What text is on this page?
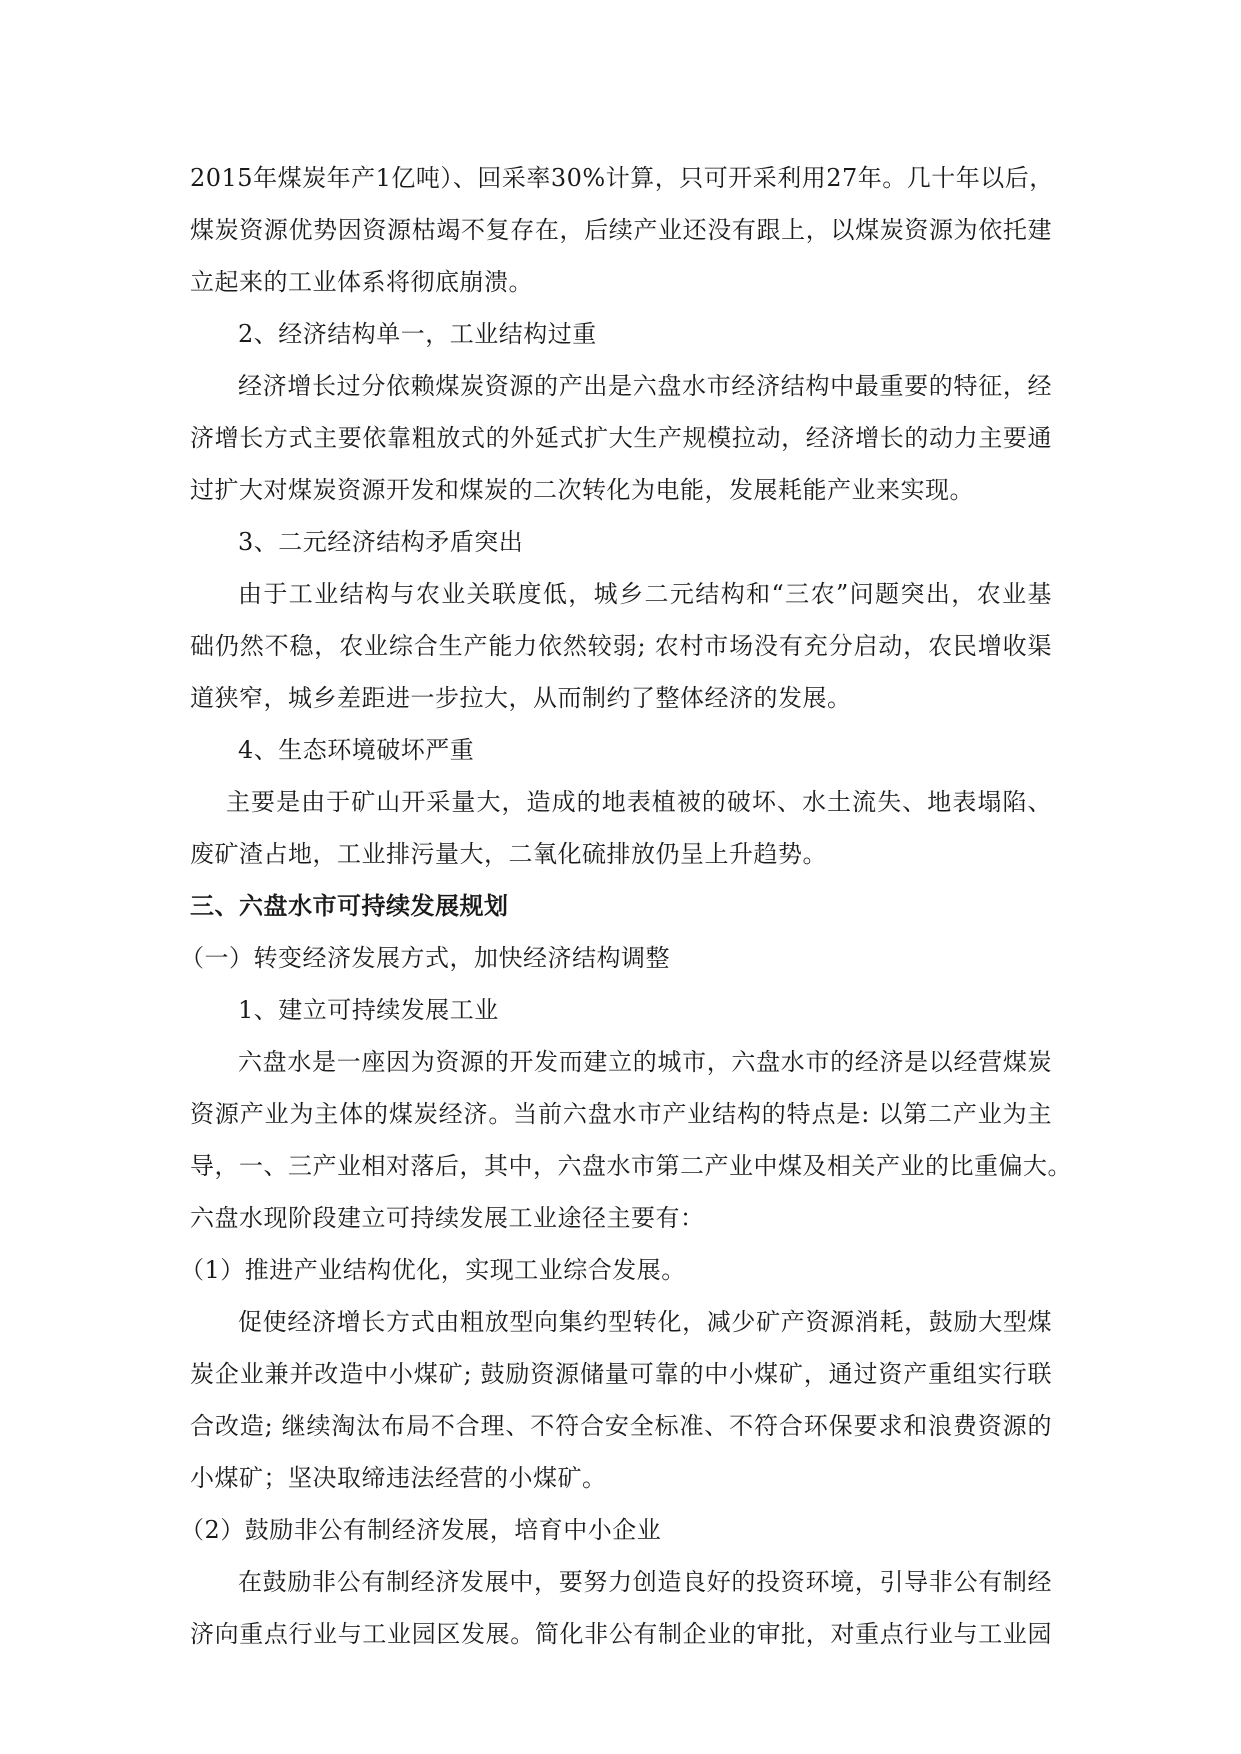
2015年煤炭年产1亿吨）、回采率30%计算，只可开采利用27年。几十年以后，
煤炭资源优势因资源枯竭不复存在，后续产业还没有跟上，以煤炭资源为依托建
立起来的工业体系将彻底崩溃。
2、经济结构单一，工业结构过重
经济增长过分依赖煤炭资源的产出是六盘水市经济结构中最重要的特征，经
济增长方式主要依靠粗放式的外延式扩大生产规模拉动，经济增长的动力主要通
过扩大对煤炭资源开发和煤炭的二次转化为电能，发展耗能产业来实现。
3、二元经济结构矛盾突出
由于工业结构与农业关联度低，城乡二元结构和“三农”问题突出，农业基
础仍然不稳，农业综合生产能力依然较弱; 农村市场没有充分启动，农民增收渠
道狭窄，城乡差距进一步拉大，从而制约了整体经济的发展。
4、生态环境破坏严重
主要是由于矿山开采量大，造成的地表植被的破坏、水土流失、地表塌陷、
废矿渣占地，工业排污量大，二氧化硫排放仍呈上升趋势。
三、六盘水市可持续发展规划
（一）转变经济发展方式，加快经济结构调整
1、建立可持续发展工业
六盘水是一座因为资源的开发而建立的城市，六盘水市的经济是以经营煤炭
资源产业为主体的煤炭经济。当前六盘水市产业结构的特点是: 以第二产业为主
导，一、三产业相对落后，其中，六盘水市第二产业中煤及相关产业的比重偏大。
六盘水现阶段建立可持续发展工业途径主要有：
（1）推进产业结构优化，实现工业综合发展。
促使经济增长方式由粗放型向集约型转化，减少矿产资源消耗，鼓励大型煤
炭企业兼并改造中小煤矿; 鼓励资源储量可靠的中小煤矿，通过资产重组实行联
合改造; 继续淘汰布局不合理、不符合安全标准、不符合环保要求和浪费资源的
小煤矿；坚决取缔违法经营的小煤矿。
（2）鼓励非公有制经济发展，培育中小企业
在鼓励非公有制经济发展中，要努力创造良好的投资环境，引导非公有制经
济向重点行业与工业园区发展。简化非公有制企业的审批，对重点行业与工业园
